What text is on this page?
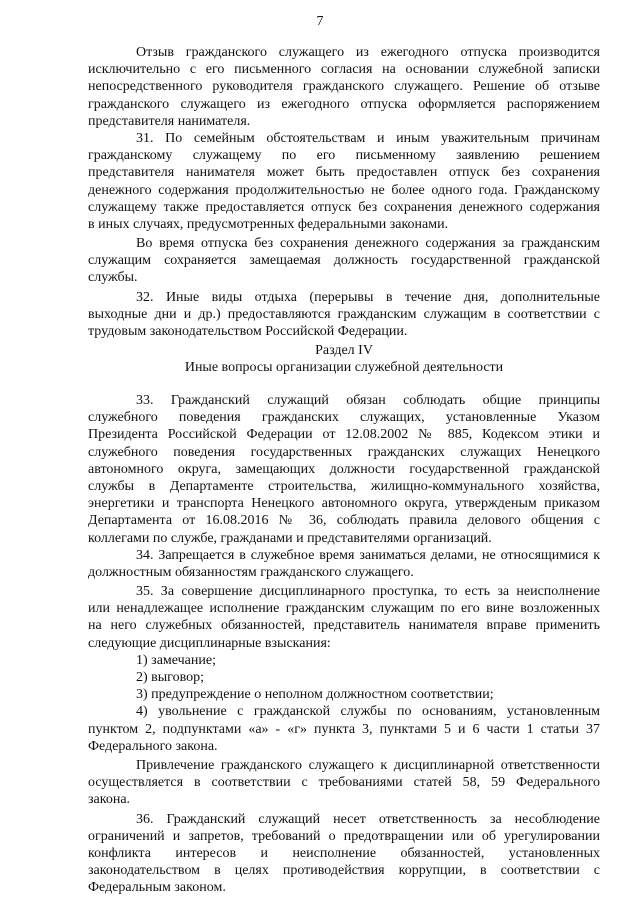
7
Отзыв гражданского служащего из ежегодного отпуска производится
исключительно с его письменного согласия на основании служебной записки
непосредственного руководителя гражданского служащего. Решение об отзыве
гражданского служащего из ежегодного отпуска оформляется распоряжением
представителя нанимателя.
31. По семейным обстоятельствам и иным уважительным причинам
гражданскому служащему по его письменному заявлению решением
представителя нанимателя может быть предоставлен отпуск без сохранения
денежного содержания продолжительностью не более одного года. Гражданскому
служащему также предоставляется отпуск без сохранения денежного содержания
в иных случаях, предусмотренных федеральными законами.
Во время отпуска без сохранения денежного содержания за гражданским
служащим сохраняется замещаемая должность государственной гражданской
службы.
32. Иные виды отдыха (перерывы в течение дня, дополнительные
выходные дни и др.) предоставляются гражданским служащим в соответствии с
трудовым законодательством Российской Федерации.
Раздел IV
Иные вопросы организации служебной деятельности
33. Гражданский служащий обязан соблюдать общие принципы
служебного поведения гражданских служащих, установленные Указом
Президента Российской Федерации от 12.08.2002 № 885, Кодексом этики и
служебного поведения государственных гражданских служащих Ненецкого
автономного округа, замещающих должности государственной гражданской
службы в Департаменте строительства, жилищно-коммунального хозяйства,
энергетики и транспорта Ненецкого автономного округа, утвержденым приказом
Департамента от 16.08.2016 № 36, соблюдать правила делового общения с
коллегами по службе, гражданами и представителями организаций.
34. Запрещается в служебное время заниматься делами, не относящимися к
должностным обязанностям гражданского служащего.
35. За совершение дисциплинарного проступка, то есть за неисполнение
или ненадлежащее исполнение гражданским служащим по его вине возложенных
на него служебных обязанностей, представитель нанимателя вправе применить
следующие дисциплинарные взыскания:
1) замечание;
2) выговор;
3) предупреждение о неполном должностном соответствии;
4) увольнение с гражданской службы по основаниям, установленным
пунктом 2, подпунктами «а» - «г» пункта 3, пунктами 5 и 6 части 1 статьи 37
Федерального закона.
Привлечение гражданского служащего к дисциплинарной ответственности
осуществляется в соответствии с требованиями статей 58, 59 Федерального
закона.
36. Гражданский служащий несет ответственность за несоблюдение
ограничений и запретов, требований о предотвращении или об урегулировании
конфликта интересов и неисполнение обязанностей, установленных
законодательством в целях противодействия коррупции, в соответствии с
Федеральным законом.
